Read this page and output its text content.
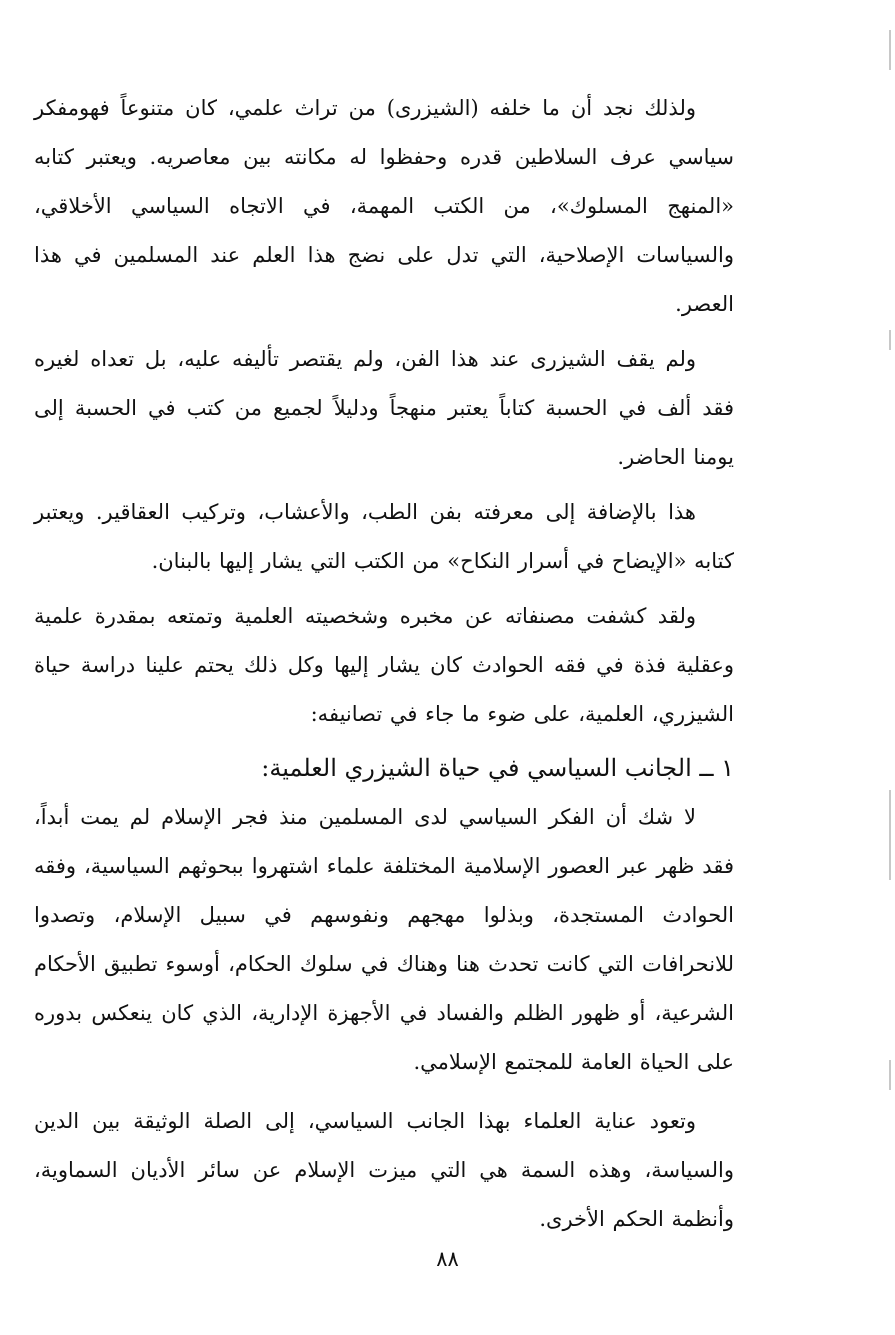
ولذلك نجد أن ما خلفه (الشيزرى) من تراث علمي، كان متنوعاً فهومفكر سياسي عرف السلاطين قدره وحفظوا له مكانته بين معاصريه. ويعتبر كتابه «المنهج المسلوك»، من الكتب المهمة، في الاتجاه السياسي الأخلاقي، والسياسات الإصلاحية، التي تدل على نضج هذا العلم عند المسلمين في هذا العصر.

ولم يقف الشيزرى عند هذا الفن، ولم يقتصر تأليفه عليه، بل تعداه لغيره فقد ألف في الحسبة كتاباً يعتبر منهجاً ودليلاً لجميع من كتب في الحسبة إلى يومنا الحاضر.

هذا بالإضافة إلى معرفته بفن الطب، والأعشاب، وتركيب العقاقير. ويعتبر كتابه «الإيضاح في أسرار النكاح» من الكتب التي يشار إليها بالبنان.

ولقد كشفت مصنفاته عن مخبره وشخصيته العلمية وتمتعه بمقدرة علمية وعقلية فذة في فقه الحوادث كان يشار إليها وكل ذلك يحتم علينا دراسة حياة الشيزري، العلمية، على ضوء ما جاء في تصانيفه:

١ ــ الجانب السياسي في حياة الشيزري العلمية:

لا شك أن الفكر السياسي لدى المسلمين منذ فجر الإسلام لم يمت أبداً، فقد ظهر عبر العصور الإسلامية المختلفة علماء اشتهروا ببحوثهم السياسية، وفقه الحوادث المستجدة، وبذلوا مهجهم ونفوسهم في سبيل الإسلام، وتصدوا للانحرافات التي كانت تحدث هنا وهناك في سلوك الحكام، أوسوء تطبيق الأحكام الشرعية، أو ظهور الظلم والفساد في الأجهزة الإدارية، الذي كان ينعكس بدوره على الحياة العامة للمجتمع الإسلامي.

وتعود عناية العلماء بهذا الجانب السياسي، إلى الصلة الوثيقة بين الدين والسياسة، وهذه السمة هي التي ميزت الإسلام عن سائر الأديان السماوية، وأنظمة الحكم الأخرى.

٨٨
